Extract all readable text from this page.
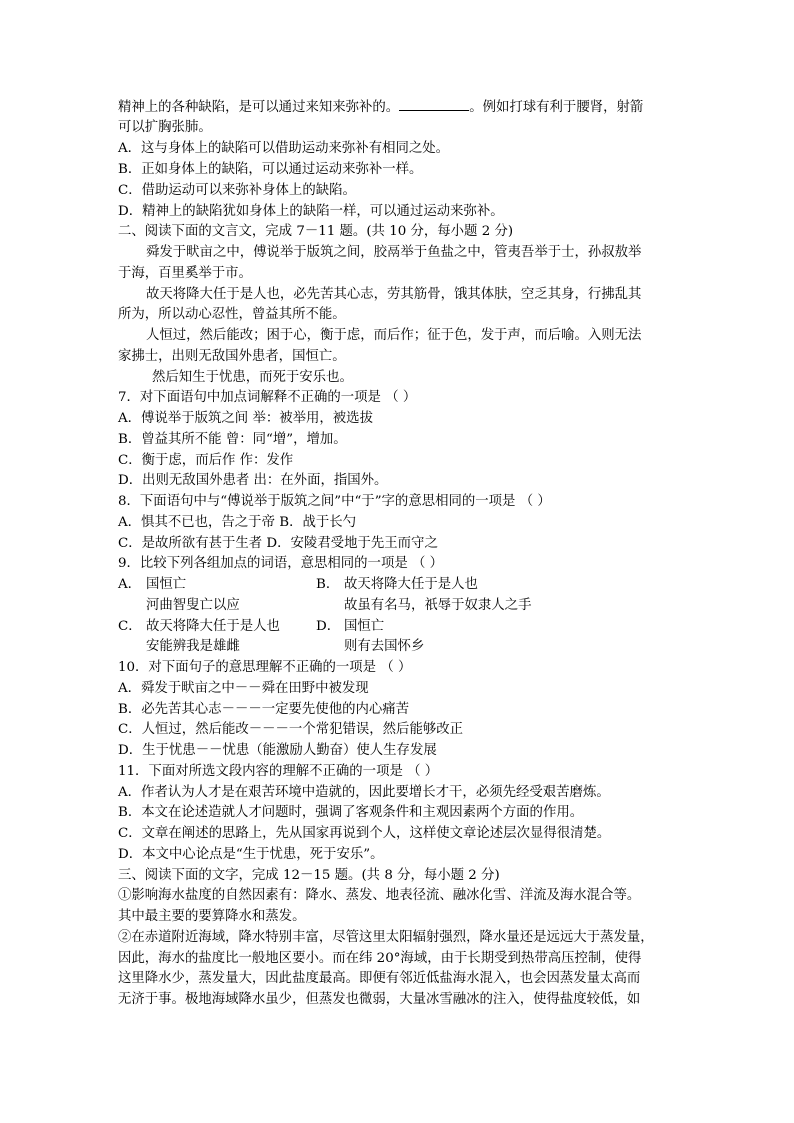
精神上的各种缺陷，是可以通过来知来弥补的。	。例如打球有利于腰肾，射箭
可以扩胸张肺。
A．这与身体上的缺陷可以借助运动来弥补有相同之处。
B．正如身体上的缺陷，可以通过运动来弥补一样。
C．借助运动可以来弥补身体上的缺陷。
D．精神上的缺陷犹如身体上的缺陷一样，可以通过运动来弥补。
二、阅读下面的文言文，完成 7－11 题。(共 10 分，每小题 2 分)
舜发于畎亩之中，傅说举于版筑之间，胶鬲举于鱼盐之中，管夷吾举于士，孙叔敖举
于海，百里奚举于市。
故天将降大任于是人也，必先苦其心志，劳其筋骨，饿其体肤，空乏其身，行拂乱其
所为，所以动心忍性，曾益其所不能。
人恒过，然后能改；困于心，衡于虑，而后作；征于色，发于声，而后喻。入则无法
家拂士，出则无敌国外患者，国恒亡。
然后知生于忧患，而死于安乐也。
7．对下面语句中加点词解释不正确的一项是 （ ）
A．傅说举于版筑之间 举：被举用，被选拔
B．曾益其所不能 曾：同“增”，增加。
C．衡于虑，而后作 作：发作
D．出则无敌国外患者 出：在外面，指国外。
8．下面语句中与“傅说举于版筑之间”中“于”字的意思相同的一项是 （ ）
A．惧其不已也，告之于帝 B．战于长勺
C．是故所欲有甚于生者 D．安陵君受地于先王而守之
9．比较下列各组加点的词语，意思相同的一项是 （ ）
A． 国恒亡	B． 故天将降大任于是人也
河曲智叟亡以应	故虽有名马，祇辱于奴隶人之手
C． 故天将降大任于是人也	D． 国恒亡
安能辨我是雄雌	则有去国怀乡
10．对下面句子的意思理解不正确的一项是 （ ）
A．舜发于畎亩之中－－舜在田野中被发现
B．必先苦其心志－－－一定要先使他的内心痛苦
C．人恒过，然后能改－－－一个常犯错误，然后能够改正
D．生于忧患－－忧患（能激励人勤奋）使人生存发展
11．下面对所选文段内容的理解不正确的一项是 （ ）
A．作者认为人才是在艰苦环境中造就的，因此要增长才干，必须先经受艰苦磨炼。
B．本文在论述造就人才问题时，强调了客观条件和主观因素两个方面的作用。
C．文章在阐述的思路上，先从国家再说到个人，这样使文章论述层次显得很清楚。
D．本文中心论点是“生于忧患，死于安乐”。
三、阅读下面的文字，完成 12－15 题。(共 8 分，每小题 2 分)
①影响海水盐度的自然因素有：降水、蒸发、地表径流、融冰化雪、洋流及海水混合等。
其中最主要的要算降水和蒸发。
②在赤道附近海域，降水特别丰富，尽管这里太阳辐射强烈，降水量还是远远大于蒸发量，
因此，海水的盐度比一般地区要小。而在纬 20°海域，由于长期受到热带高压控制，使得
这里降水少，蒸发量大，因此盐度最高。即便有邻近低盐海水混入，也会因蒸发量太高而
无济于事。极地海域降水虽少，但蒸发也微弱，大量冰雪融冰的注入，使得盐度较低，如
